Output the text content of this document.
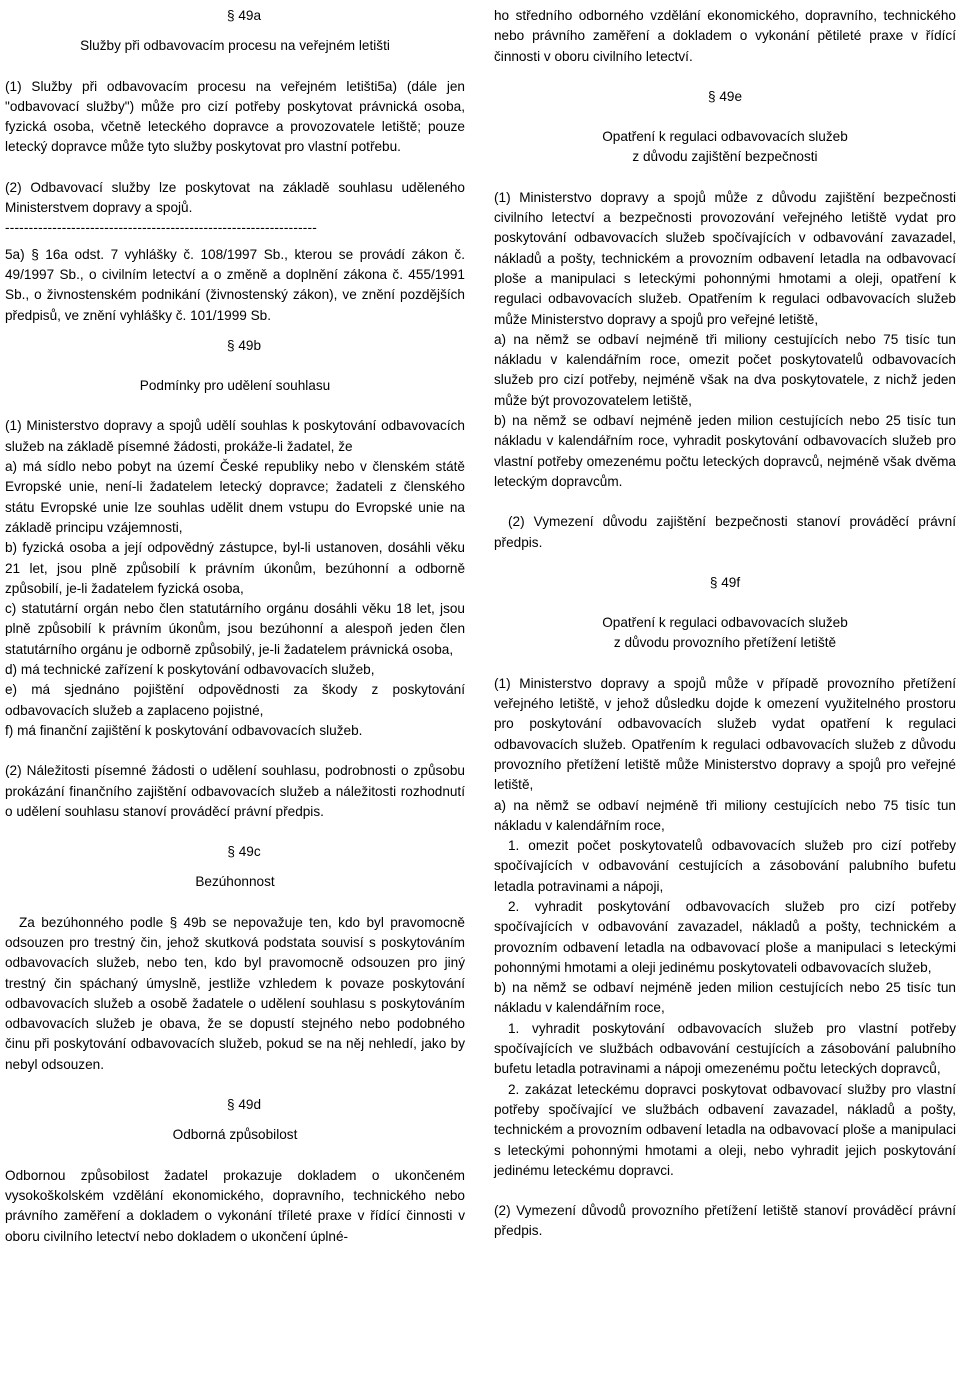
§ 49a

Služby při odbavovacím procesu na veřejném letišti

(1) Služby při odbavovacím procesu na veřejném letišti5a) (dále jen "odbavovací služby") může pro cizí potřeby poskytovat právnická osoba, fyzická osoba, včetně leteckého dopravce a provozovatele letiště; pouze letecký dopravce může tyto služby poskytovat pro vlastní potřebu.

(2) Odbavovací služby lze poskytovat na základě souhlasu uděleného Ministerstvem dopravy a spojů.

------------------------------------------------------------------

5a) § 16a odst. 7 vyhlášky č. 108/1997 Sb., kterou se provádí zákon č. 49/1997 Sb., o civilním letectví a o změně a doplnění zákona č. 455/1991 Sb., o živnostenském podnikání (živnostenský zákon), ve znění pozdějších předpisů, ve znění vyhlášky č. 101/1999 Sb.

§ 49b

Podmínky pro udělení souhlasu

(1) Ministerstvo dopravy a spojů udělí souhlas k poskytování odbavovacích služeb na základě písemné žádosti, prokáže-li žadatel, že

a) má sídlo nebo pobyt na území České republiky nebo v členském státě Evropské unie, není-li žadatelem letecký dopravce; žadateli z členského státu Evropské unie lze souhlas udělit dnem vstupu do Evropské unie na základě principu vzájemnosti,

b) fyzická osoba a její odpovědný zástupce, byl-li ustanoven, dosáhli věku 21 let, jsou plně způsobilí k právním úkonům, bezúhonní a odborně způsobilí, je-li žadatelem fyzická osoba,

c) statutární orgán nebo člen statutárního orgánu dosáhli věku 18 let, jsou plně způsobilí k právním úkonům, jsou bezúhonní a alespoň jeden člen statutárního orgánu je odborně způsobilý, je-li žadatelem právnická osoba,

d) má technické zařízení k poskytování odbavovacích služeb,

e) má sjednáno pojištění odpovědnosti za škody z poskytování odbavovacích služeb a zaplaceno pojistné,

f) má finanční zajištění k poskytování odbavovacích služeb.

(2) Náležitosti písemné žádosti o udělení souhlasu, podrobnosti o způsobu prokázání finančního zajištění odbavovacích služeb a náležitosti rozhodnutí o udělení souhlasu stanoví prováděcí právní předpis.

§ 49c

Bezúhonnost

Za bezúhonného podle § 49b se nepovažuje ten, kdo byl pravomocně odsouzen pro trestný čin, jehož skutková podstata souvisí s poskytováním odbavovacích služeb, nebo ten, kdo byl pravomocně odsouzen pro jiný trestný čin spáchaný úmyslně, jestliže vzhledem k povaze poskytování odbavovacích služeb a osobě žadatele o udělení souhlasu s poskytováním odbavovacích služeb je obava, že se dopustí stejného nebo podobného činu při poskytování odbavovacích služeb, pokud se na něj nehledí, jako by nebyl odsouzen.

§ 49d

Odborná způsobilost

Odbornou způsobilost žadatel prokazuje dokladem o ukončeném vysokoškolském vzdělání ekonomického, dopravního, technického nebo právního zaměření a dokladem o vykonání tříleté praxe v řídící činnosti v oboru civilního letectví nebo dokladem o ukončení úplné-

ho středního odborného vzdělání ekonomického, dopravního, technického nebo právního zaměření a dokladem o vykonání pětileté praxe v řídící činnosti v oboru civilního letectví.

§ 49e

Opatření k regulaci odbavovacích služeb

z důvodu zajištění bezpečnosti

(1) Ministerstvo dopravy a spojů může z důvodu zajištění bezpečnosti civilního letectví a bezpečnosti provozování veřejného letiště vydat pro poskytování odbavovacích služeb spočívajících v odbavování zavazadel, nákladů a pošty, technickém a provozním odbavení letadla na odbavovací ploše a manipulaci s leteckými pohonnými hmotami a oleji, opatření k regulaci odbavovacích služeb. Opatřením k regulaci odbavovacích služeb může Ministerstvo dopravy a spojů pro veřejné letiště,

a) na němž se odbaví nejméně tři miliony cestujících nebo 75 tisíc tun nákladu v kalendářním roce, omezit počet poskytovatelů odbavovacích služeb pro cizí potřeby, nejméně však na dva poskytovatele, z nichž jeden může být provozovatelem letiště,

b) na němž se odbaví nejméně jeden milion cestujících nebo 25 tisíc tun nákladu v kalendářním roce, vyhradit poskytování odbavovacích služeb pro vlastní potřeby omezenému počtu leteckých dopravců, nejméně však dvěma leteckým dopravcům.

(2) Vymezení důvodu zajištění bezpečnosti stanoví prováděcí právní předpis.

§ 49f

Opatření k regulaci odbavovacích služeb

z důvodu provozního přetížení letiště

(1) Ministerstvo dopravy a spojů může v případě provozního přetížení veřejného letiště, v jehož důsledku dojde k omezení využitelného prostoru pro poskytování odbavovacích služeb vydat opatření k regulaci odbavovacích služeb. Opatřením k regulaci odbavovacích služeb z důvodu provozního přetížení letiště může Ministerstvo dopravy a spojů pro veřejné letiště,

a) na němž se odbaví nejméně tři miliony cestujících nebo 75 tisíc tun nákladu v kalendářním roce,

1. omezit počet poskytovatelů odbavovacích služeb pro cizí potřeby spočívajících v odbavování cestujících a zásobování palubního bufetu letadla potravinami a nápoji,

2. vyhradit poskytování odbavovacích služeb pro cizí potřeby spočívajících v odbavování zavazadel, nákladů a pošty, technickém a provozním odbavení letadla na odbavovací ploše a manipulaci s leteckými pohonnými hmotami a oleji jedinému poskytovateli odbavovacích služeb,

b) na němž se odbaví nejméně jeden milion cestujících nebo 25 tisíc tun nákladu v kalendářním roce,

1. vyhradit poskytování odbavovacích služeb pro vlastní potřeby spočívajících ve službách odbavování cestujících a zásobování palubního bufetu letadla potravinami a nápoji omezenému počtu leteckých dopravců,

2. zakázat leteckému dopravci poskytovat odbavovací služby pro vlastní potřeby spočívající ve službách odbavení zavazadel, nákladů a pošty, technickém a provozním odbavení letadla na odbavovací ploše a manipulaci s leteckými pohonnými hmotami a oleji, nebo vyhradit jejich poskytování jedinému leteckému dopravci.

(2) Vymezení důvodů provozního přetížení letiště stanoví prováděcí právní předpis.
